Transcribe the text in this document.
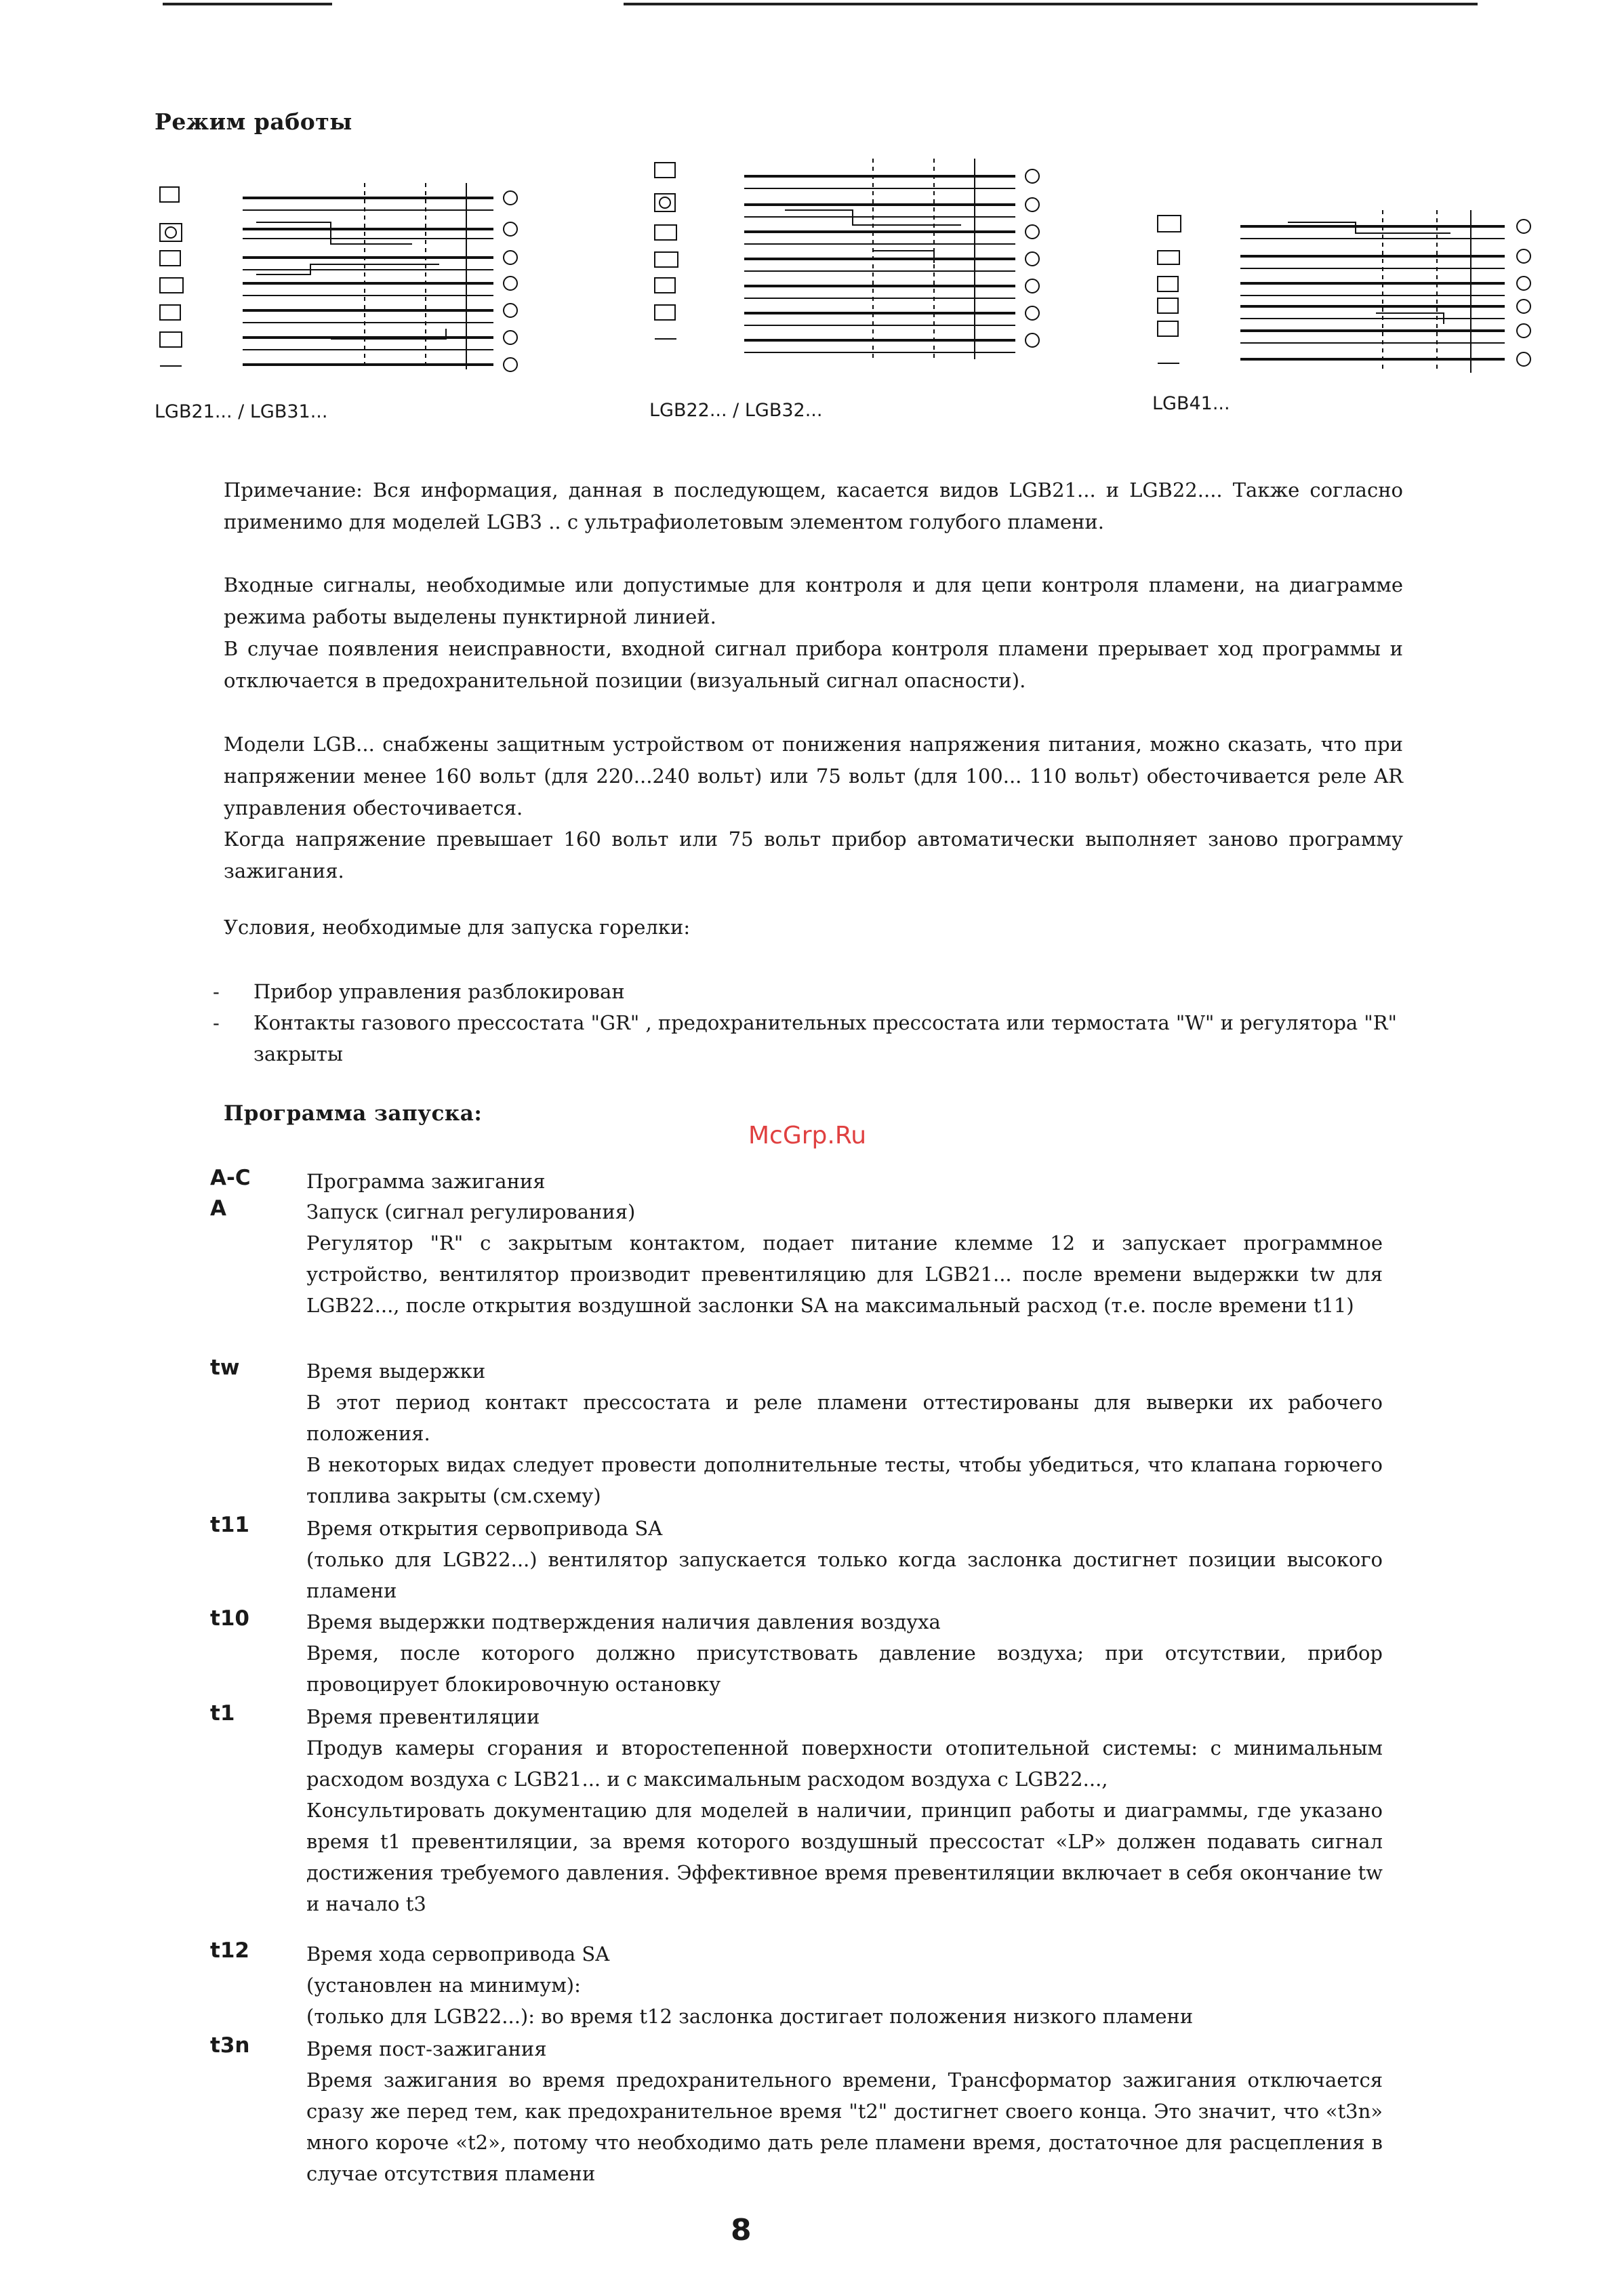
Режим работы
LGB21... / LGB31...	LGB22... / LGB32...	LGB41...
Примечание: Вся информация, данная в последующем, касается видов LGB21... и LGB22.... Также согласно применимо для моделей LGB3 .. с ультрафиолетовым элементом голубого пламени.
Входные сигналы, необходимые или допустимые для контроля и для цепи контроля пламени, на диаграмме режима работы выделены пунктирной линией.
В случае появления неисправности, входной сигнал прибора контроля пламени прерывает ход программы и отключается в предохранительной позиции (визуальный сигнал опасности).
Модели LGB... снабжены защитным устройством от понижения напряжения питания, можно сказать, что при напряжении менее 160 вольт (для 220...240 вольт) или 75 вольт (для 100... 110 вольт) обесточивается реле AR управления обесточивается.
Когда напряжение превышает 160 вольт или 75 вольт прибор автоматически выполняет заново программу зажигания.
Условия, необходимые для запуска горелки:
- Прибор управления разблокирован
- Контакты газового прессостата "GR" , предохранительных прессостата или термостата "W" и регулятора "R" закрыты
Программа запуска:
McGrp.Ru
A-C	Программа зажигания

A	Запуск (сигнал регулирования)

Регулятор "R" с закрытым контактом, подает питание клемме 12 и запускает программное устройство, вентилятор производит превентиляцию для LGB21... после времени выдержки tw для LGB22..., после открытия воздушной заслонки SA на максимальный расход (т.е. после времени t11)

tw	Время выдержки

В этот период контакт прессостата и реле пламени оттестированы для выверки их рабочего положения.

В некоторых видах следует провести дополнительные тесты, чтобы убедиться, что клапана горючего топлива закрыты (см.схему)

t11	Время открытия сервопривода SA

(только для LGB22...) вентилятор запускается только когда заслонка достигнет позиции высокого пламени

t10	Время выдержки подтверждения наличия давления воздуха

Время, после которого должно присутствовать давление воздуха; при отсутствии, прибор провоцирует блокировочную остановку

t1	Время превентиляции

Продув камеры сгорания и второстепенной поверхности отопительной системы: с минимальным расходом воздуха с LGB21... и с максимальным расходом воздуха с LGB22...,

Консультировать документацию для моделей в наличии, принцип работы и диаграммы, где указано время t1 превентиляции, за время которого воздушный прессостат «LP» должен подавать сигнал достижения требуемого давления. Эффективное время превентиляции включает в себя окончание tw и начало t3

t12	Время хода сервопривода SA

(установлен на минимум):

(только для LGB22...): во время t12 заслонка достигает положения низкого пламени

t3n	Время пост-зажигания

Время зажигания во время предохранительного времени, Трансформатор зажигания отключается сразу же перед тем, как предохранительное время "t2" достигнет своего конца. Это значит, что «t3n» много короче «t2», потому что необходимо дать реле пламени время, достаточное для расцепления в случае отсутствия пламени

8
